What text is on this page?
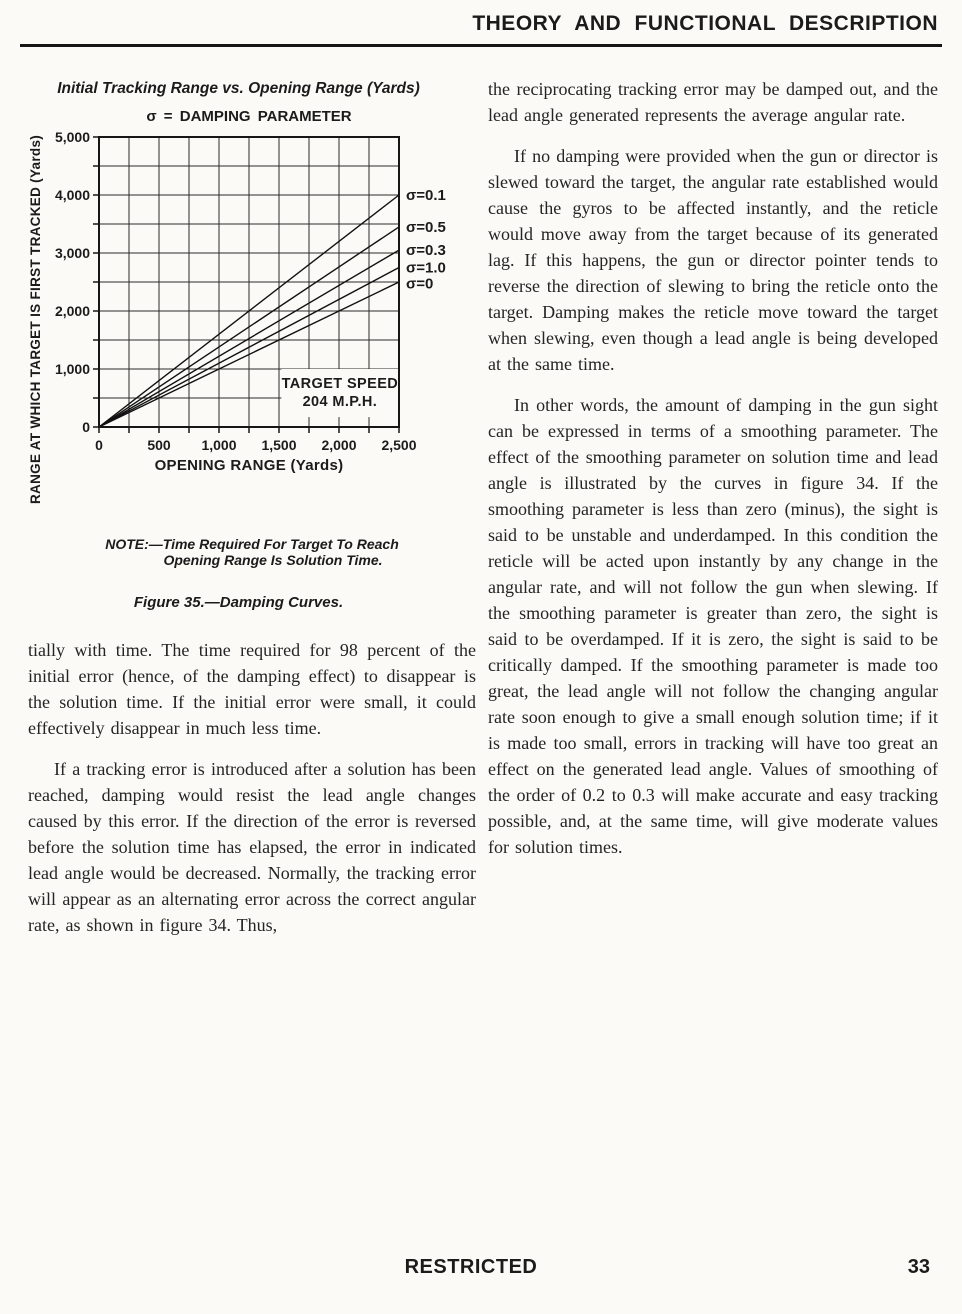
THEORY AND FUNCTIONAL DESCRIPTION
Initial Tracking Range vs. Opening Range (Yards)
RANGE AT WHICH TARGET IS FIRST TRACKED (Yards)
σ = DAMPING PARAMETER
TARGET SPEED
204 M.P.H.
0	500 1,000 1,500 2,000 2,500
0
1,000
2,000
3,000
4,000
5,000
OPENING RANGE (Yards)
σ=0.1
σ=0.5
σ=0.3
σ=1.0
σ=0
NOTE:—Time Required For Target To Reach
Opening Range Is Solution Time.
Figure 35.—Damping Curves.

tially with time. The time required for 98 percent of the initial error (hence, of the damping effect) to disappear is the solution time. If the initial error were small, it could effectively disappear in much less time.

If a tracking error is introduced after a solution has been reached, damping would resist the lead angle changes caused by this error. If the direction of the error is reversed before the solution time has elapsed, the error in indicated lead angle would be decreased. Normally, the tracking error will appear as an alternating error across the correct angular rate, as shown in figure 34. Thus,

the reciprocating tracking error may be damped out, and the lead angle generated represents the average angular rate.

If no damping were provided when the gun or director is slewed toward the target, the angular rate established would cause the gyros to be affected instantly, and the reticle would move away from the target because of its generated lag. If this happens, the gun or director pointer tends to reverse the direction of slewing to bring the reticle onto the target. Damping makes the reticle move toward the target when slewing, even though a lead angle is being developed at the same time.

In other words, the amount of damping in the gun sight can be expressed in terms of a smoothing parameter. The effect of the smoothing parameter on solution time and lead angle is illustrated by the curves in figure 34. If the smoothing parameter is less than zero (minus), the sight is said to be unstable and underdamped. In this condition the reticle will be acted upon instantly by any change in the angular rate, and will not follow the gun when slewing. If the smoothing parameter is greater than zero, the sight is said to be overdamped. If it is zero, the sight is said to be critically damped. If the smoothing parameter is made too great, the lead angle will not follow the changing angular rate soon enough to give a small enough solution time; if it is made too small, errors in tracking will have too great an effect on the generated lead angle. Values of smoothing of the order of 0.2 to 0.3 will make accurate and easy tracking possible, and, at the same time, will give moderate values for solution times.

RESTRICTED	33
